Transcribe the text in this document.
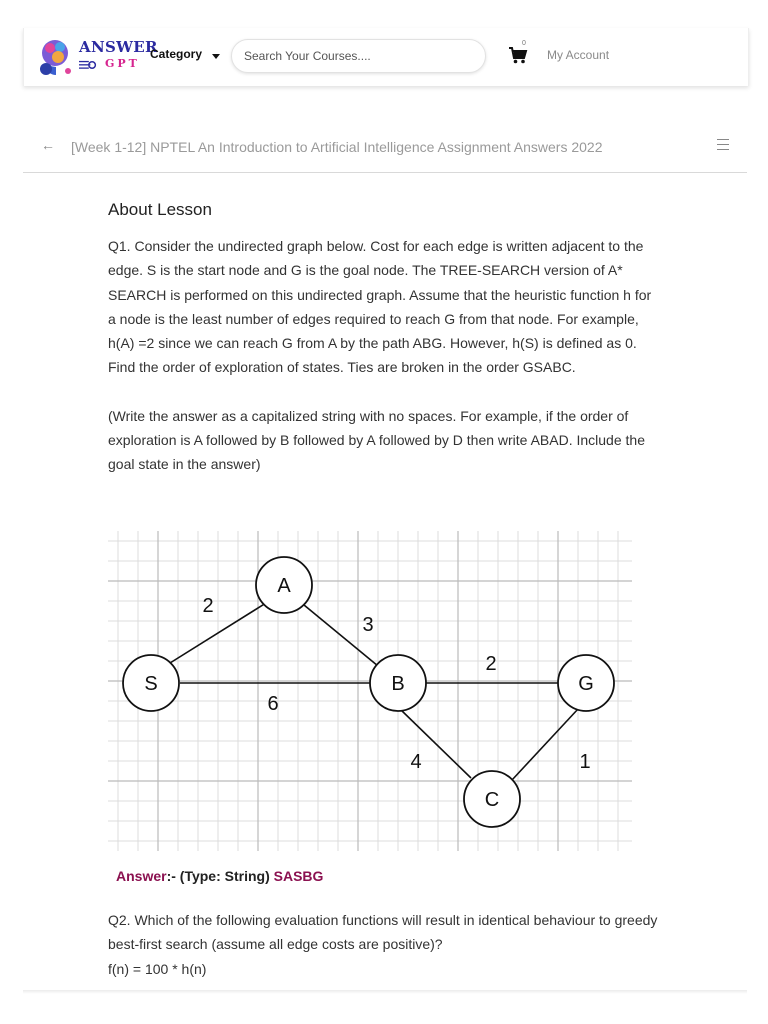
ANSWER
GPT
Category
Search Your Courses....
0
My Account
← [Week 1-12] NPTEL An Introduction to Artificial Intelligence Assignment Answers 2022
About Lesson

Q1. Consider the undirected graph below. Cost for each edge is written adjacent to the edge. S is the start node and G is the goal node. The TREE-SEARCH version of A* SEARCH is performed on this undirected graph. Assume that the heuristic function h for a node is the least number of edges required to reach G from that node. For example, h(A) =2 since we can reach G from A by the path ABG. However, h(S) is defined as 0. Find the order of exploration of states. Ties are broken in the order GSABC.

(Write the answer as a capitalized string with no spaces. For example, if the order of exploration is A followed by B followed by A followed by D then write ABAD. Include the goal state in the answer)

S
A
B	G
C
2
3
6
2
4	1
Answer:- (Type: String) SASBG
Q2. Which of the following evaluation functions will result in identical behaviour to greedy best-first search (assume all edge costs are positive)?
f(n) = 100 * h(n)
